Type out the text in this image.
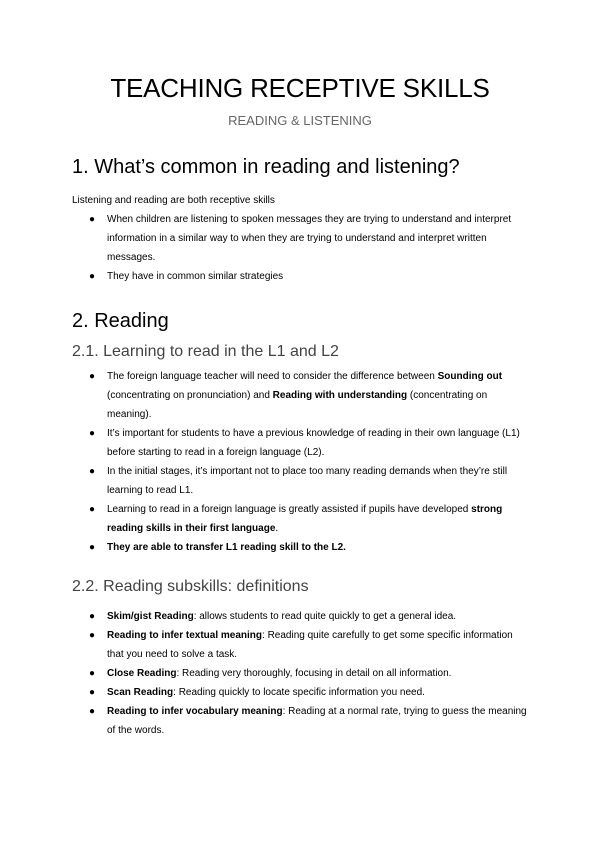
TEACHING RECEPTIVE SKILLS

READING & LISTENING

1. What’s common in reading and listening?

Listening and reading are both receptive skills

● When children are listening to spoken messages they are trying to understand and interpret information in a similar way to when they are trying to understand and interpret written messages.
● They have in common similar strategies
2. Reading
2.1. Learning to read in the L1 and L2
● The foreign language teacher will need to consider the difference between Sounding out (concentrating on pronunciation) and Reading with understanding (concentrating on meaning).
● It’s important for students to have a previous knowledge of reading in their own language (L1) before starting to read in a foreign language (L2).
● In the initial stages, it’s important not to place too many reading demands when they’re still learning to read L1.
● Learning to read in a foreign language is greatly assisted if pupils have developed strong reading skills in their first language.
● They are able to transfer L1 reading skill to the L2.
2.2. Reading subskills: definitions
● Skim/gist Reading: allows students to read quite quickly to get a general idea.
● Reading to infer textual meaning: Reading quite carefully to get some specific information that you need to solve a task.
● Close Reading: Reading very thoroughly, focusing in detail on all information.
● Scan Reading: Reading quickly to locate specific information you need.
● Reading to infer vocabulary meaning: Reading at a normal rate, trying to guess the meaning of the words.
